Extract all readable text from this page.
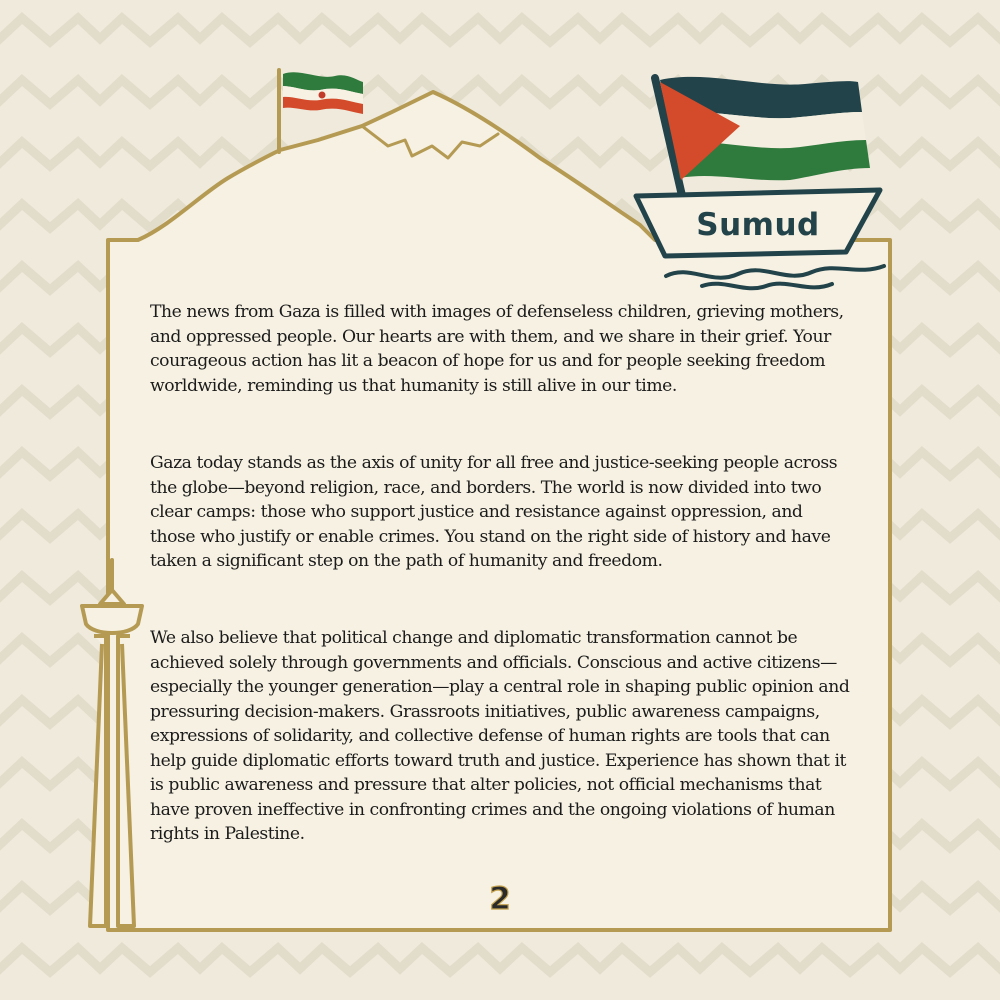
Sumud

The news from Gaza is filled with images of defenseless children, grieving mothers, and oppressed people. Our hearts are with them, and we share in their grief. Your courageous action has lit a beacon of hope for us and for people seeking freedom worldwide, reminding us that humanity is still alive in our time.

Gaza today stands as the axis of unity for all free and justice-seeking people across the globe—beyond religion, race, and borders. The world is now divided into two clear camps: those who support justice and resistance against oppression, and those who justify or enable crimes. You stand on the right side of history and have taken a significant step on the path of humanity and freedom.

We also believe that political change and diplomatic transformation cannot be achieved solely through governments and officials. Conscious and active citizens—especially the younger generation—play a central role in shaping public opinion and pressuring decision-makers. Grassroots initiatives, public awareness campaigns, expressions of solidarity, and collective defense of human rights are tools that can help guide diplomatic efforts toward truth and justice. Experience has shown that it is public awareness and pressure that alter policies, not official mechanisms that have proven ineffective in confronting crimes and the ongoing violations of human rights in Palestine.

2
